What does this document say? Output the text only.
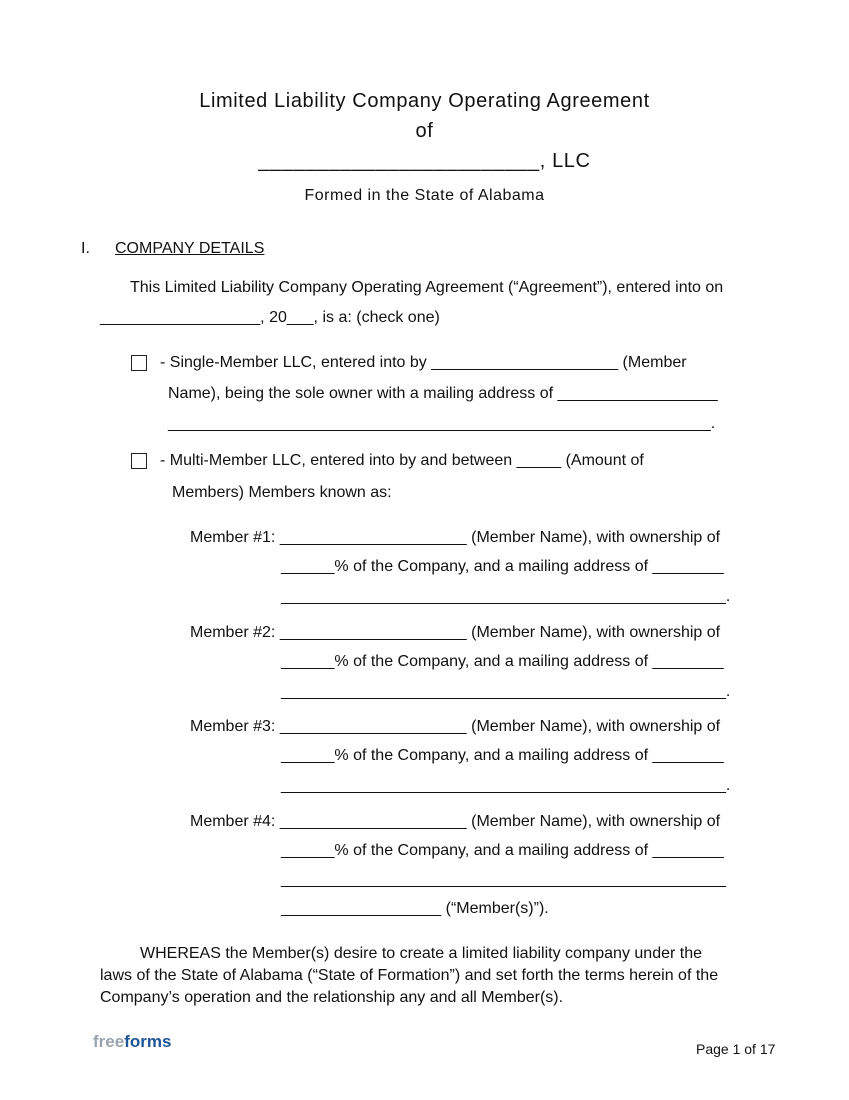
Limited Liability Company Operating Agreement
of
________________________, LLC
Formed in the State of Alabama
I. COMPANY DETAILS
This Limited Liability Company Operating Agreement (“Agreement”), entered into on
__________________, 20___, is a: (check one)
- Single-Member LLC, entered into by _____________________ (Member
Name), being the sole owner with a mailing address of __________________
_____________________________________________________________.
- Multi-Member LLC, entered into by and between _____ (Amount of
Members) Members known as:
Member #1: _____________________ (Member Name), with ownership of
______% of the Company, and a mailing address of ________
__________________________________________________.
Member #2: _____________________ (Member Name), with ownership of
______% of the Company, and a mailing address of ________
__________________________________________________.
Member #3: _____________________ (Member Name), with ownership of
______% of the Company, and a mailing address of ________
__________________________________________________.
Member #4: _____________________ (Member Name), with ownership of
______% of the Company, and a mailing address of ________
__________________________________________________
__________________ (“Member(s)”).
WHEREAS the Member(s) desire to create a limited liability company under the
laws of the State of Alabama (“State of Formation”) and set forth the terms herein of the
Company’s operation and the relationship any and all Member(s).
freeforms	Page 1 of 17
